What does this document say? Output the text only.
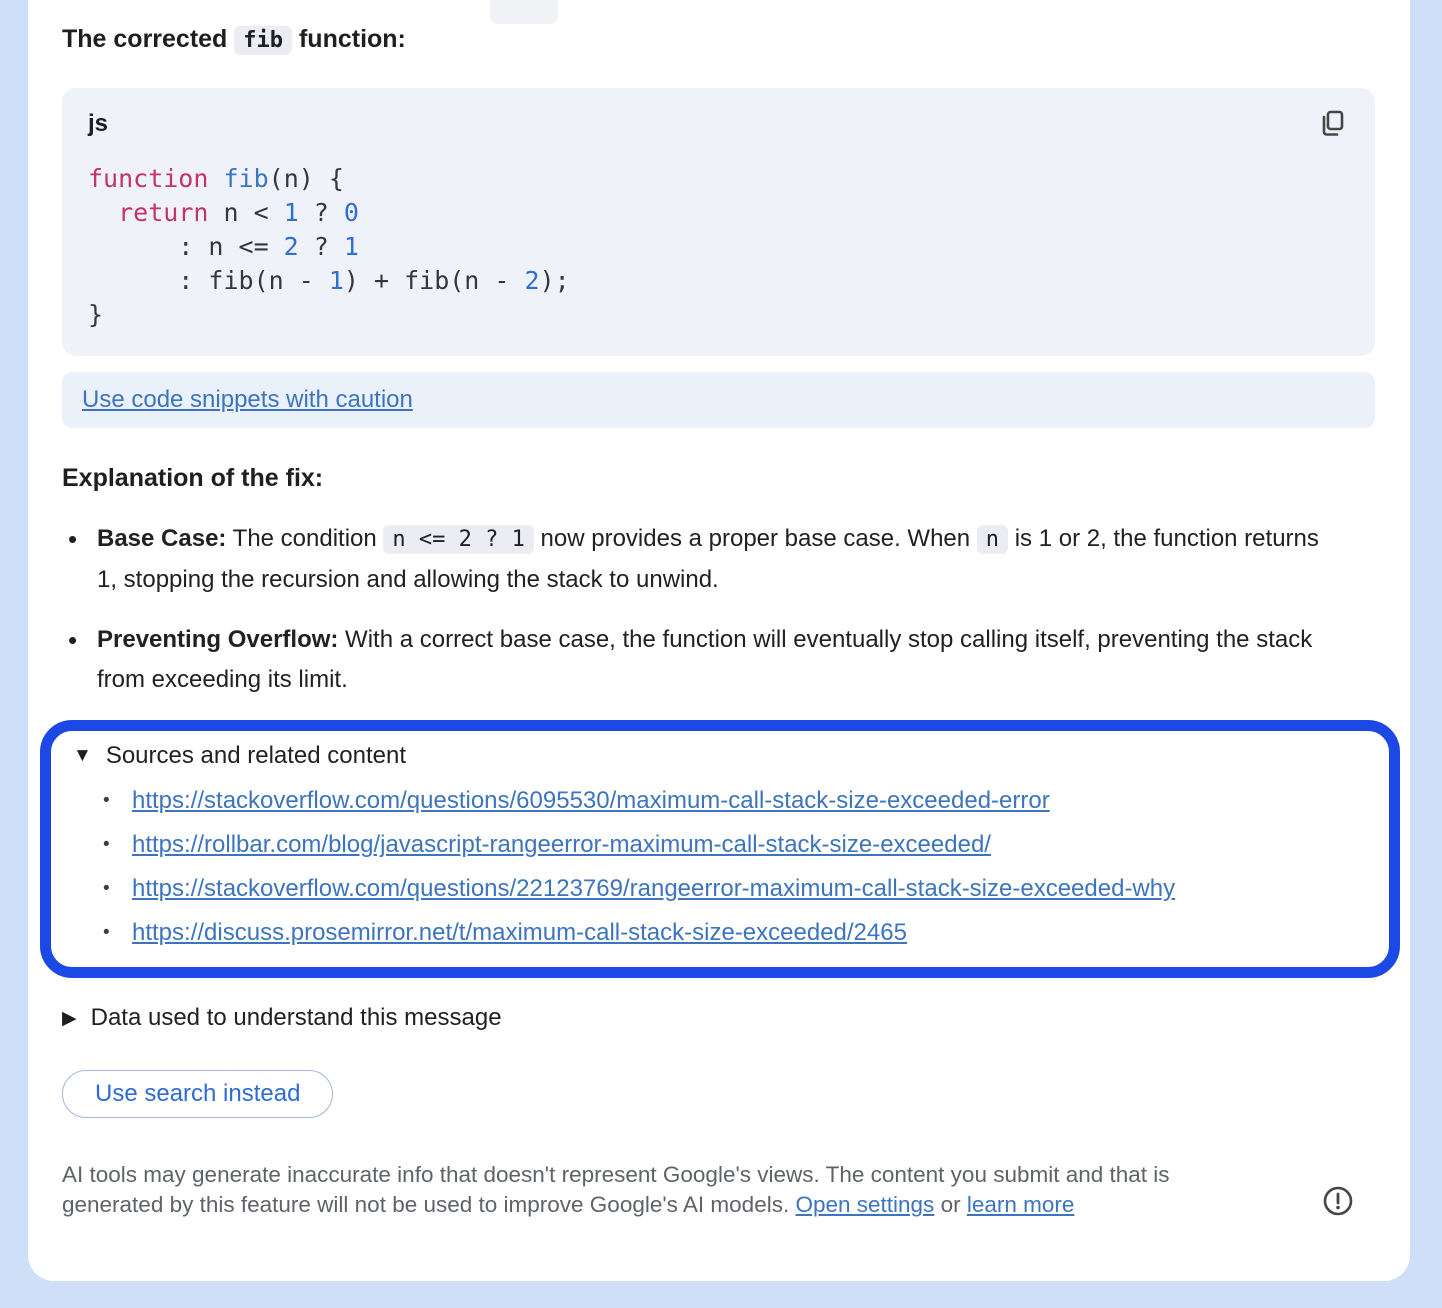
The corrected fib function:
js
function fib(n) {
return n < 1 ? 0
: n <= 2 ? 1
: fib(n - 1) + fib(n - 2);
}
Use code snippets with caution
Explanation of the fix:
• Base Case: The condition n <= 2 ? 1 now provides a proper base case. When n is 1 or 2, the function returns 1, stopping the recursion and allowing the stack to unwind.
• Preventing Overflow: With a correct base case, the function will eventually stop calling itself, preventing the stack from exceeding its limit.
▼ Sources and related content
• https://stackoverflow.com/questions/6095530/maximum-call-stack-size-exceeded-error
• https://rollbar.com/blog/javascript-rangeerror-maximum-call-stack-size-exceeded/
• https://stackoverflow.com/questions/22123769/rangeerror-maximum-call-stack-size-exceeded-why
• https://discuss.prosemirror.net/t/maximum-call-stack-size-exceeded/2465
▶ Data used to understand this message
Use search instead

AI tools may generate inaccurate info that doesn't represent Google's views. The content you submit and that is generated by this feature will not be used to improve Google's AI models. Open settings or learn more
